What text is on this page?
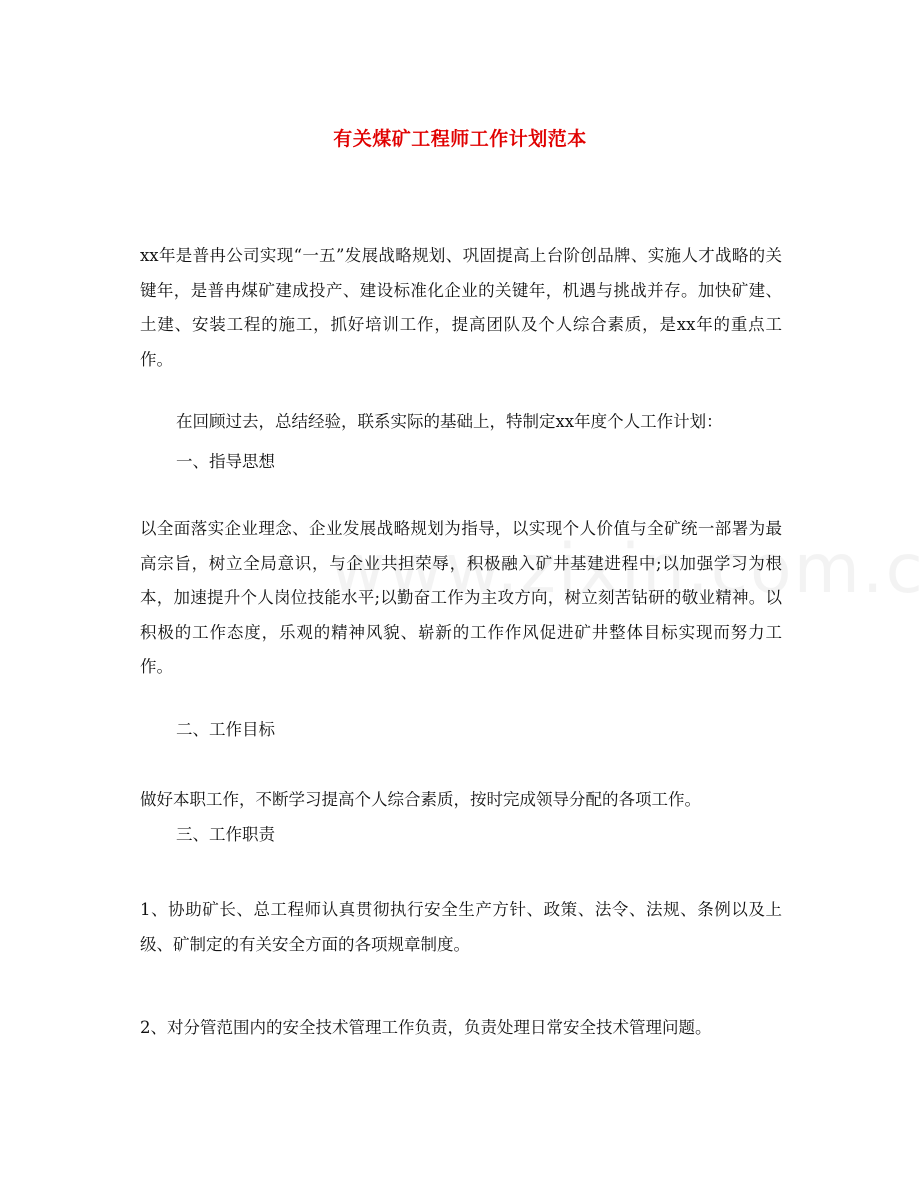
有关煤矿工程师工作计划范本

xx年是普冉公司实现“一五”发展战略规划、巩固提高上台阶创品牌、实施人才战略的关键年，是普冉煤矿建成投产、建设标准化企业的关键年，机遇与挑战并存。加快矿建、土建、安装工程的施工，抓好培训工作，提高团队及个人综合素质，是xx年的重点工作。

在回顾过去，总结经验，联系实际的基础上，特制定xx年度个人工作计划：

一、指导思想

以全面落实企业理念、企业发展战略规划为指导，以实现个人价值与全矿统一部署为最高宗旨，树立全局意识，与企业共担荣辱，积极融入矿井基建进程中;以加强学习为根本，加速提升个人岗位技能水平;以勤奋工作为主攻方向，树立刻苦钻研的敬业精神。以积极的工作态度，乐观的精神风貌、崭新的工作作风促进矿井整体目标实现而努力工作。

二、工作目标

做好本职工作，不断学习提高个人综合素质，按时完成领导分配的各项工作。

三、工作职责

1、协助矿长、总工程师认真贯彻执行安全生产方针、政策、法令、法规、条例以及上级、矿制定的有关安全方面的各项规章制度。

2、对分管范围内的安全技术管理工作负责，负责处理日常安全技术管理问题。
